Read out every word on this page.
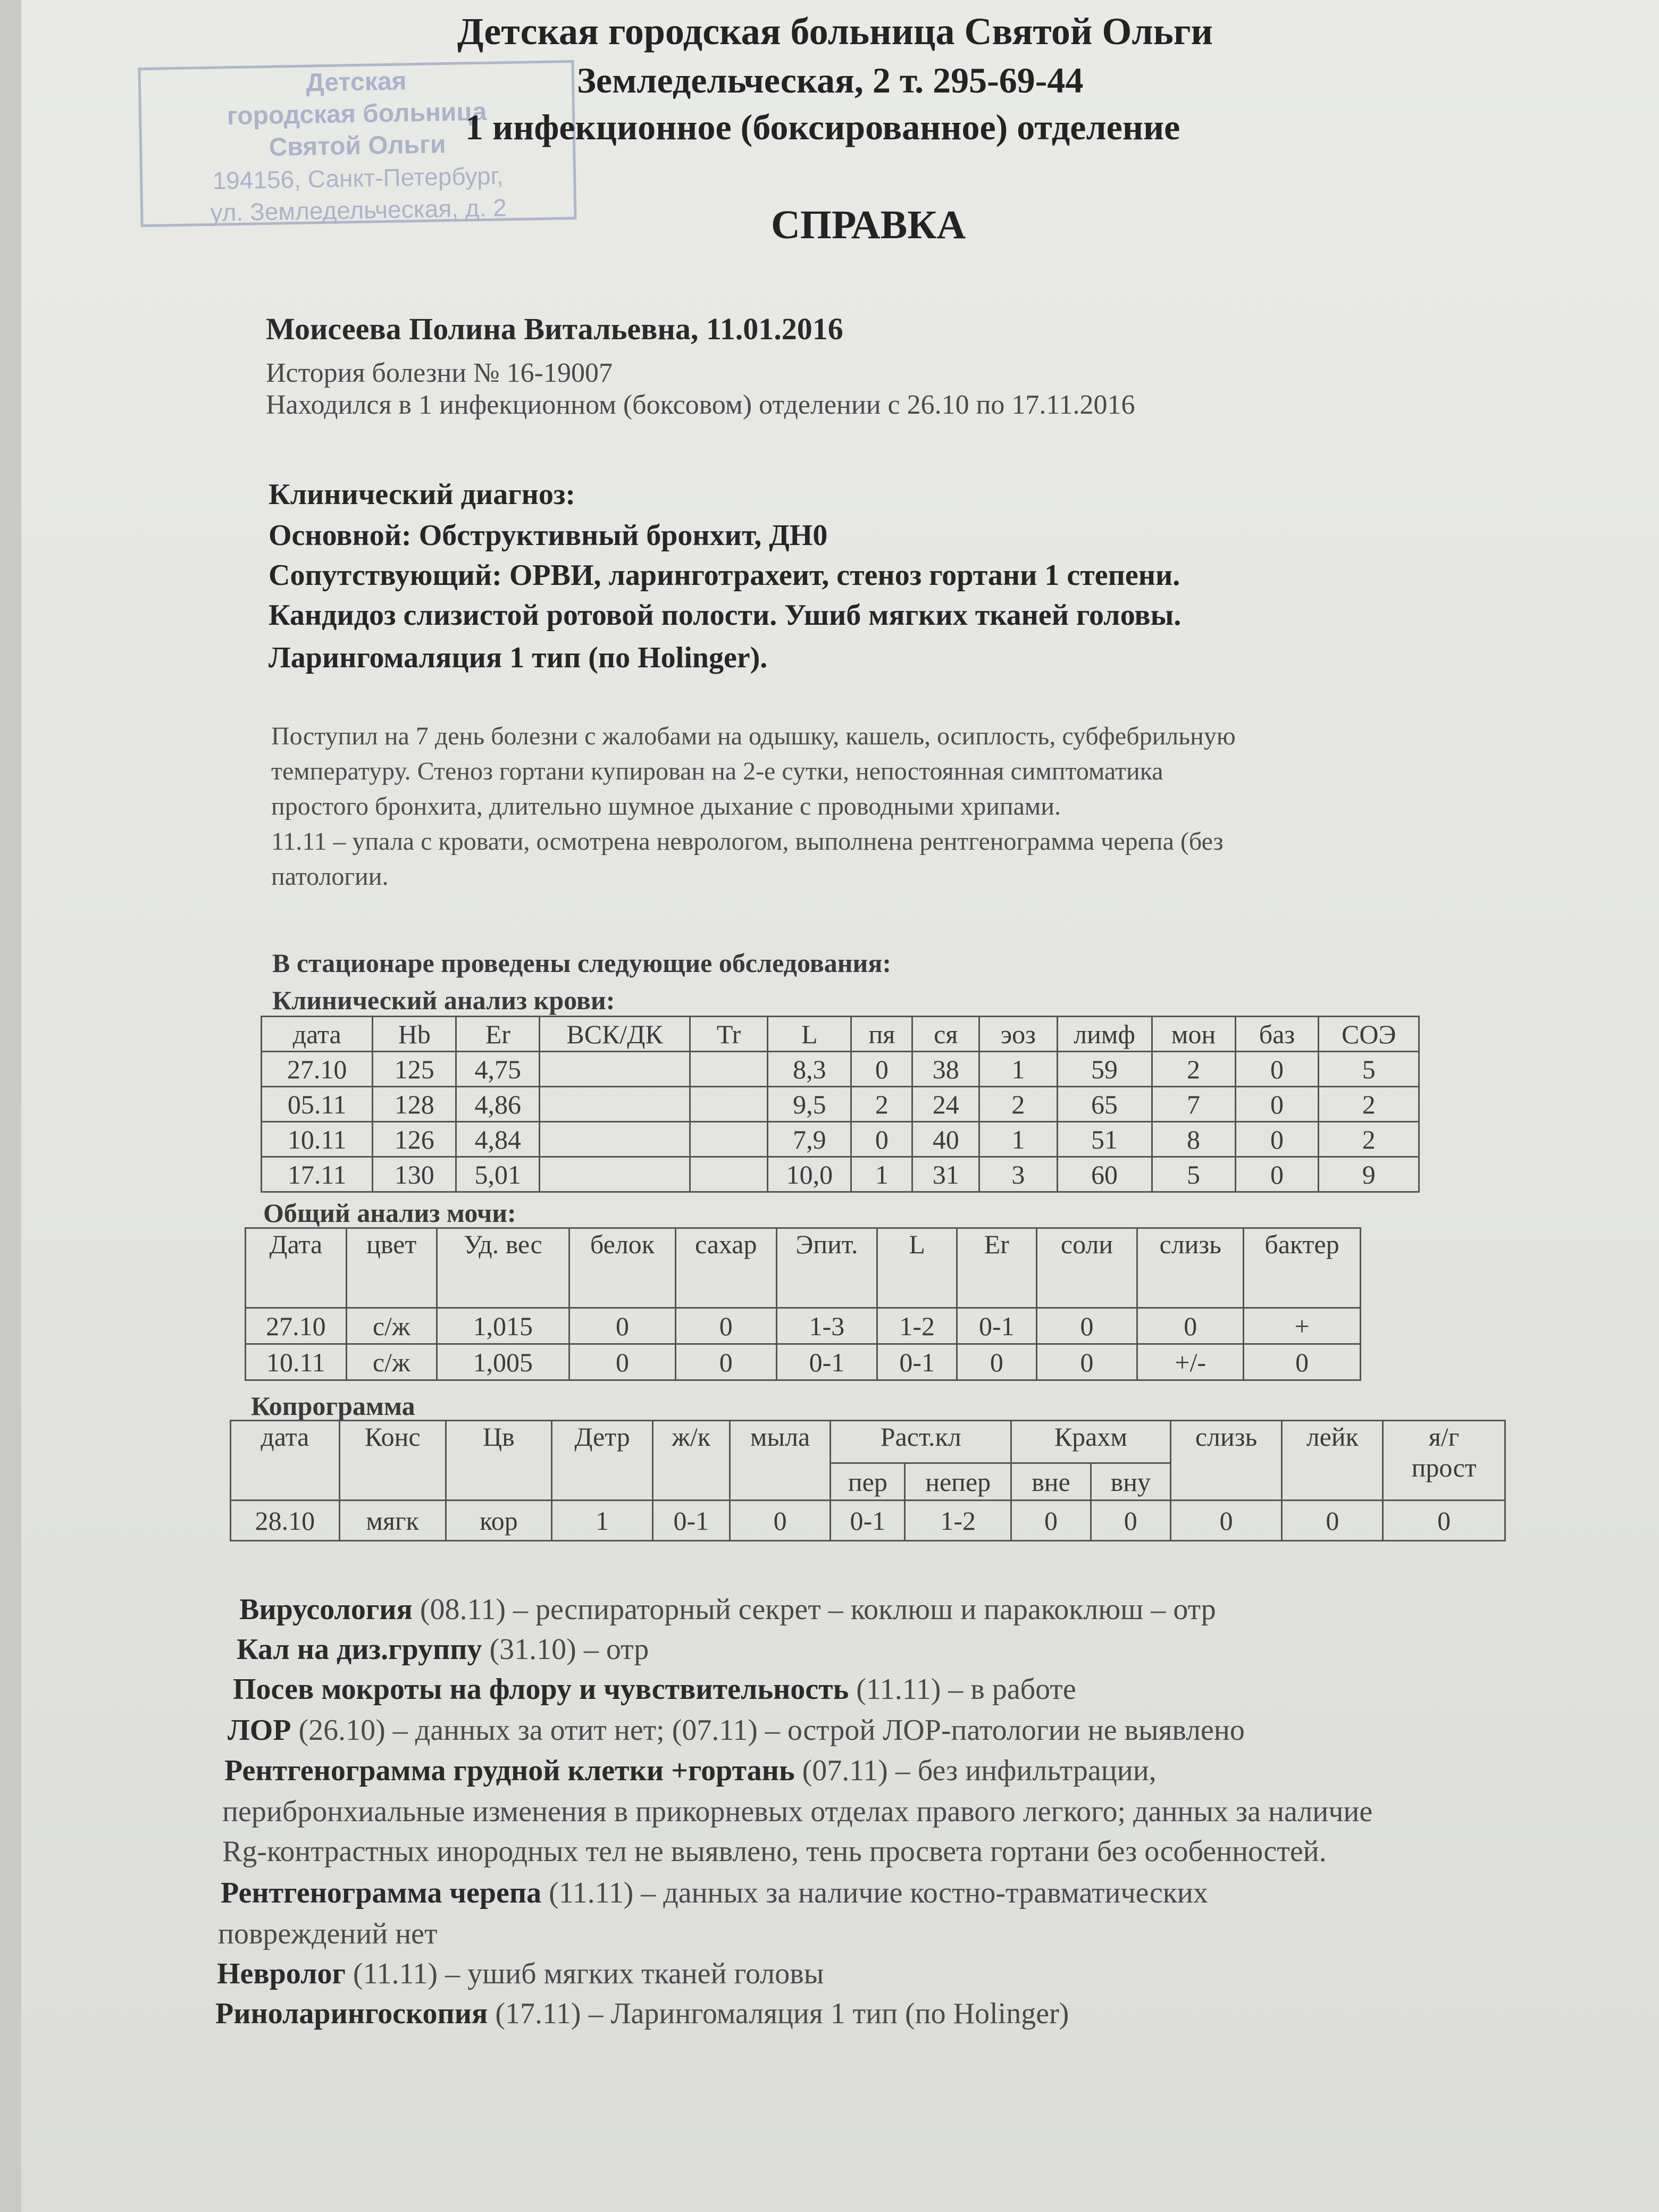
Детская
городская больница
Святой Ольги
194156, Санкт-Петербург,
ул. Земледельческая, д. 2
Детская городская больница Святой Ольги
Земледельческая, 2 т. 295-69-44
1 инфекционное (боксированное) отделение
СПРАВКА
Моисеева Полина Витальевна, 11.01.2016
История болезни № 16-19007
Находился в 1 инфекционном (боксовом) отделении с 26.10 по 17.11.2016
Клинический диагноз:
Основной: Обструктивный бронхит, ДН0
Сопутствующий: ОРВИ, ларинготрахеит, стеноз гортани 1 степени.
Кандидоз слизистой ротовой полости. Ушиб мягких тканей головы.
Ларингомаляция 1 тип (по Holinger).
Поступил на 7 день болезни с жалобами на одышку, кашель, осиплость, субфебрильную
температуру. Стеноз гортани купирован на 2-е сутки, непостоянная симптоматика
простого бронхита, длительно шумное дыхание с проводными хрипами.
11.11 – упала с кровати, осмотрена неврологом, выполнена рентгенограмма черепа (без
патологии.
В стационаре проведены следующие обследования:
Клинический анализ крови:
дата	Hb	Er	ВСК/ДК	Tr	L	пя	ся	эоз	лимф	мон	баз	СОЭ
27.10	125	4,75			8,3	0	38	1	59	2	0	5
05.11	128	4,86			9,5	2	24	2	65	7	0	2
10.11	126	4,84			7,9	0	40	1	51	8	0	2
17.11	130	5,01			10,0	1	31	3	60	5	0	9
Общий анализ мочи:
Дата	цвет	Уд. вес	белок	сахар	Эпит.	L	Er	соли	слизь	бактер
27.10	с/ж	1,015	0	0	1-3	1-2	0-1	0	0	+
10.11	с/ж	1,005	0	0	0-1	0-1	0	0	+/-	0
Копрограмма
дата	Конс	Цв	Детр	ж/к	мыла	Раст.кл		Крахм		слизь	лейк	я/г
прост

						пер	непер	вне	вну			
28.10	мягк	кор	1	0-1	0	0-1	1-2	0	0	0	0	0
Вирусология (08.11) – респираторный секрет – коклюш и паракоклюш – отр
Кал на диз.группу (31.10) – отр
Посев мокроты на флору и чувствительность (11.11) – в работе
ЛОР (26.10) – данных за отит нет; (07.11) – острой ЛОР-патологии не выявлено
Рентгенограмма грудной клетки +гортань (07.11) – без инфильтрации,
перибронхиальные изменения в прикорневых отделах правого легкого; данных за наличие
Rg-контрастных инородных тел не выявлено, тень просвета гортани без особенностей.
Рентгенограмма черепа (11.11) – данных за наличие костно-травматических
повреждений нет
Невролог (11.11) – ушиб мягких тканей головы
Риноларингоскопия (17.11) – Ларингомаляция 1 тип (по Holinger)
